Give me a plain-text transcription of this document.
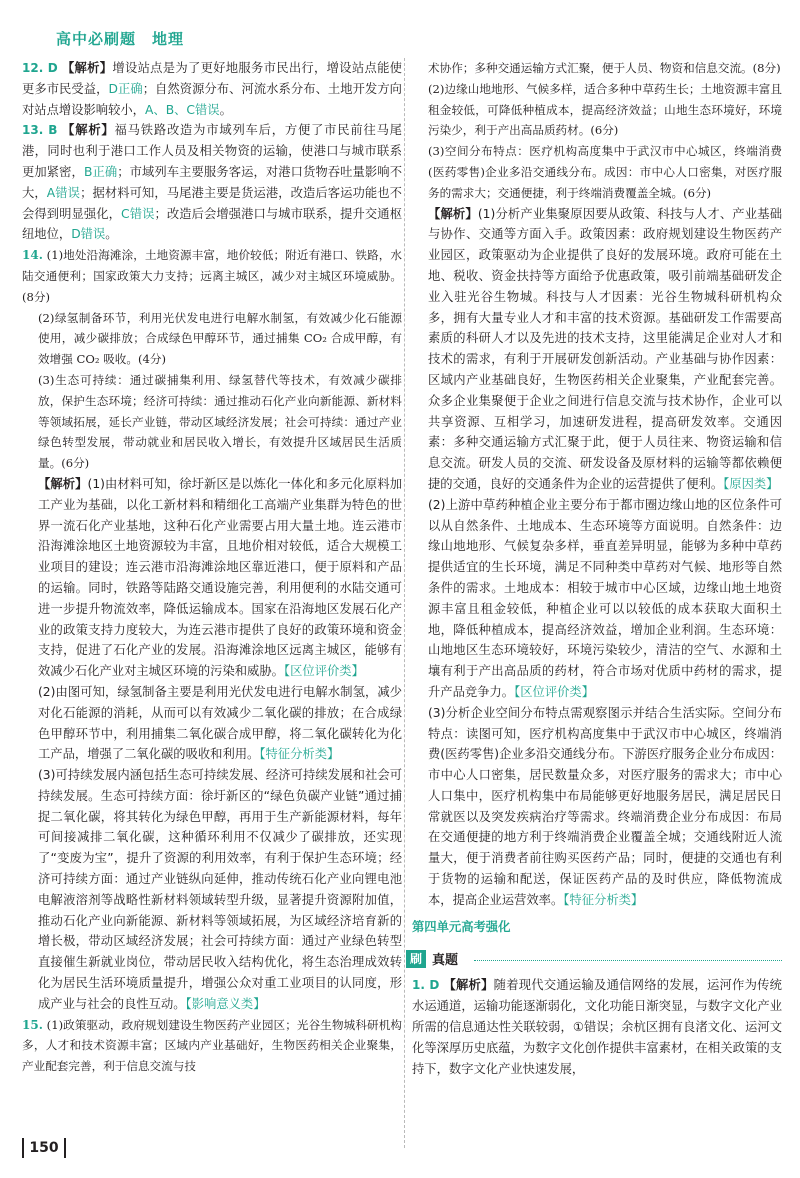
高中必刷题　地理

12. D 【解析】增设站点是为了更好地服务市民出行，增设站点能使更多市民受益，D正确；自然资源分布、河流水系分布、土地开发方向对站点增设影响较小，A、B、C错误。

13. B 【解析】福马铁路改造为市域列车后，方便了市民前往马尾港，同时也利于港口工作人员及相关物资的运输，使港口与城市联系更加紧密，B正确；市域列车主要服务客运，对港口货物吞吐量影响不大，A错误；据材料可知，马尾港主要是货运港，改造后客运功能也不会得到明显强化，C错误；改造后会增强港口与城市联系，提升交通枢纽地位，D错误。

14. (1)地处沿海滩涂，土地资源丰富，地价较低；附近有港口、铁路，水陆交通便利；国家政策大力支持；远离主城区，减少对主城区环境威胁。(8分)

(2)绿氢制备环节，利用光伏发电进行电解水制氢，有效减少化石能源使用，减少碳排放；合成绿色甲醇环节，通过捕集 CO₂ 合成甲醇，有效增强 CO₂ 吸收。(4分)

(3)生态可持续：通过碳捕集利用、绿氢替代等技术，有效减少碳排放，保护生态环境；经济可持续：通过推动石化产业向新能源、新材料等领域拓展，延长产业链，带动区域经济发展；社会可持续：通过产业绿色转型发展，带动就业和居民收入增长，有效提升区域居民生活质量。(6分)

【解析】(1)由材料可知，徐圩新区是以炼化一体化和多元化原料加工产业为基础，以化工新材料和精细化工高端产业集群为特色的世界一流石化产业基地，这种石化产业需要占用大量土地。连云港市沿海滩涂地区土地资源较为丰富，且地价相对较低，适合大规模工业项目的建设；连云港市沿海滩涂地区靠近港口，便于原料和产品的运输。同时，铁路等陆路交通设施完善，利用便利的水陆交通可进一步提升物流效率，降低运输成本。国家在沿海地区发展石化产业的政策支持力度较大，为连云港市提供了良好的政策环境和资金支持，促进了石化产业的发展。沿海滩涂地区远离主城区，能够有效减少石化产业对主城区环境的污染和威胁。【区位评价类】

(2)由图可知，绿氢制备主要是利用光伏发电进行电解水制氢，减少对化石能源的消耗，从而可以有效减少二氧化碳的排放；在合成绿色甲醇环节中，利用捕集二氧化碳合成甲醇，将二氧化碳转化为化工产品，增强了二氧化碳的吸收和利用。【特征分析类】

(3)可持续发展内涵包括生态可持续发展、经济可持续发展和社会可持续发展。生态可持续方面：徐圩新区的“绿色负碳产业链”通过捕捉二氧化碳，将其转化为绿色甲醇，再用于生产新能源材料，每年可间接减排二氧化碳，这种循环利用不仅减少了碳排放，还实现了“变废为宝”，提升了资源的利用效率，有利于保护生态环境；经济可持续方面：通过产业链纵向延伸，推动传统石化产业向锂电池电解液溶剂等战略性新材料领域转型升级，显著提升资源附加值，推动石化产业向新能源、新材料等领域拓展，为区域经济培育新的增长极，带动区域经济发展；社会可持续方面：通过产业绿色转型直接催生新就业岗位，带动居民收入结构优化，将生态治理成效转化为居民生活环境质量提升，增强公众对重工业项目的认同度，形成产业与社会的良性互动。【影响意义类】

15. (1)政策驱动，政府规划建设生物医药产业园区；光谷生物城科研机构多，人才和技术资源丰富；区域内产业基础好，生物医药相关企业聚集，产业配套完善，利于信息交流与技

术协作；多种交通运输方式汇聚，便于人员、物资和信息交流。(8分)

(2)边缘山地地形、气候多样，适合多种中草药生长；土地资源丰富且租金较低，可降低种植成本，提高经济效益；山地生态环境好，环境污染少，利于产出高品质药材。(6分)

(3)空间分布特点：医疗机构高度集中于武汉市中心城区，终端消费(医药零售)企业多沿交通线分布。成因：市中心人口密集，对医疗服务的需求大；交通便捷，利于终端消费覆盖全城。(6分)

【解析】(1)分析产业集聚原因要从政策、科技与人才、产业基础与协作、交通等方面入手。政策因素：政府规划建设生物医药产业园区，政策驱动为企业提供了良好的发展环境。政府可能在土地、税收、资金扶持等方面给予优惠政策，吸引前端基础研发企业入驻光谷生物城。科技与人才因素：光谷生物城科研机构众多，拥有大量专业人才和丰富的技术资源。基础研发工作需要高素质的科研人才以及先进的技术支持，这里能满足企业对人才和技术的需求，有利于开展研发创新活动。产业基础与协作因素：区域内产业基础良好，生物医药相关企业聚集，产业配套完善。众多企业集聚便于企业之间进行信息交流与技术协作，企业可以共享资源、互相学习，加速研发进程，提高研发效率。交通因素：多种交通运输方式汇聚于此，便于人员往来、物资运输和信息交流。研发人员的交流、研发设备及原材料的运输等都依赖便捷的交通，良好的交通条件为企业的运营提供了便利。【原因类】

(2)上游中草药种植企业主要分布于都市圈边缘山地的区位条件可以从自然条件、土地成本、生态环境等方面说明。自然条件：边缘山地地形、气候复杂多样，垂直差异明显，能够为多种中草药提供适宜的生长环境，满足不同种类中草药对气候、地形等自然条件的需求。土地成本：相较于城市中心区域，边缘山地土地资源丰富且租金较低，种植企业可以以较低的成本获取大面积土地，降低种植成本，提高经济效益，增加企业利润。生态环境：山地地区生态环境较好，环境污染较少，清洁的空气、水源和土壤有利于产出高品质的药材，符合市场对优质中药材的需求，提升产品竞争力。【区位评价类】

(3)分析企业空间分布特点需观察图示并结合生活实际。空间分布特点：读图可知，医疗机构高度集中于武汉市中心城区，终端消费(医药零售)企业多沿交通线分布。下游医疗服务企业分布成因：市中心人口密集，居民数量众多，对医疗服务的需求大；市中心人口集中，医疗机构集中布局能够更好地服务居民，满足居民日常就医以及突发疾病治疗等需求。终端消费企业分布成因：布局在交通便捷的地方利于终端消费企业覆盖全城；交通线附近人流量大，便于消费者前往购买医药产品；同时，便捷的交通也有利于货物的运输和配送，保证医药产品的及时供应，降低物流成本，提高企业运营效率。【特征分析类】

第四单元高考强化

刷 真题

1. D 【解析】随着现代交通运输及通信网络的发展，运河作为传统水运通道，运输功能逐渐弱化，文化功能日渐突显，与数字文化产业所需的信息通达性关联较弱，①错误；余杭区拥有良渚文化、运河文化等深厚历史底蕴，为数字文化创作提供丰富素材，在相关政策的支持下，数字文化产业快速发展，

150
